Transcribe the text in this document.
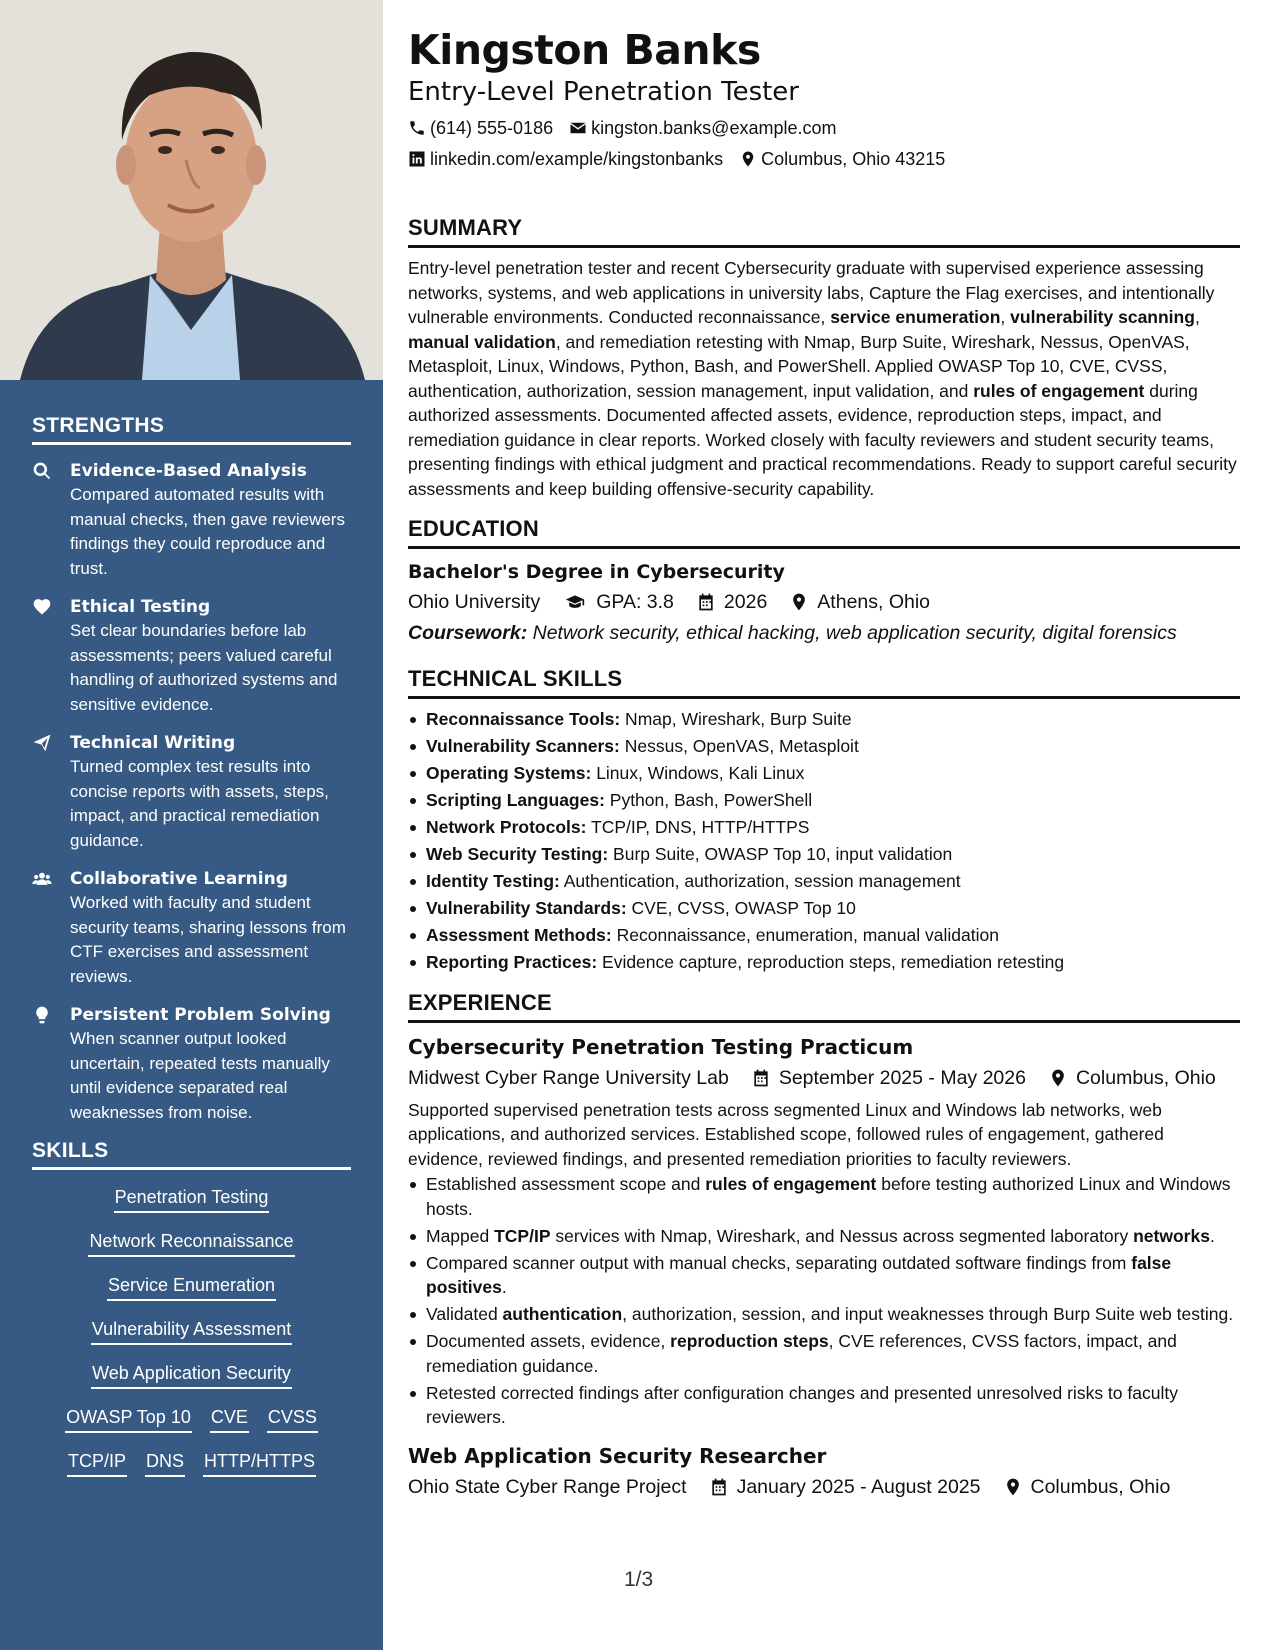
STRENGTHS
Evidence-Based Analysis
Compared automated results with manual checks, then gave reviewers findings they could reproduce and trust.
Ethical Testing
Set clear boundaries before lab assessments; peers valued careful handling of authorized systems and sensitive evidence.
Technical Writing
Turned complex test results into concise reports with assets, steps, impact, and practical remediation guidance.
Collaborative Learning
Worked with faculty and student security teams, sharing lessons from CTF exercises and assessment reviews.
Persistent Problem Solving
When scanner output looked uncertain, repeated tests manually until evidence separated real weaknesses from noise.
SKILLS
Penetration Testing
Network Reconnaissance
Service Enumeration
Vulnerability Assessment
Web Application Security
OWASP Top 10 CVE CVSS
TCP/IP DNS HTTP/HTTPS
Kingston Banks
Entry-Level Penetration Tester
(614) 555-0186 kingston.banks@example.com
linkedin.com/example/kingstonbanks Columbus, Ohio 43215
SUMMARY

Entry-level penetration tester and recent Cybersecurity graduate with supervised experience assessing networks, systems, and web applications in university labs, Capture the Flag exercises, and intentionally vulnerable environments. Conducted reconnaissance, service enumeration, vulnerability scanning, manual validation, and remediation retesting with Nmap, Burp Suite, Wireshark, Nessus, OpenVAS, Metasploit, Linux, Windows, Python, Bash, and PowerShell. Applied OWASP Top 10, CVE, CVSS, authentication, authorization, session management, input validation, and rules of engagement during authorized assessments. Documented affected assets, evidence, reproduction steps, impact, and remediation guidance in clear reports. Worked closely with faculty reviewers and student security teams, presenting findings with ethical judgment and practical recommendations. Ready to support careful security assessments and keep building offensive-security capability.

EDUCATION
Bachelor's Degree in Cybersecurity
Ohio University	GPA: 3.8	2026	Athens, Ohio
Coursework: Network security, ethical hacking, web application security, digital forensics
TECHNICAL SKILLS
Reconnaissance Tools: Nmap, Wireshark, Burp Suite
Vulnerability Scanners: Nessus, OpenVAS, Metasploit
Operating Systems: Linux, Windows, Kali Linux
Scripting Languages: Python, Bash, PowerShell
Network Protocols: TCP/IP, DNS, HTTP/HTTPS
Web Security Testing: Burp Suite, OWASP Top 10, input validation
Identity Testing: Authentication, authorization, session management
Vulnerability Standards: CVE, CVSS, OWASP Top 10
Assessment Methods: Reconnaissance, enumeration, manual validation
Reporting Practices: Evidence capture, reproduction steps, remediation retesting
EXPERIENCE
Cybersecurity Penetration Testing Practicum
Midwest Cyber Range University Lab	September 2025 - May 2026	Columbus, Ohio

Supported supervised penetration tests across segmented Linux and Windows lab networks, web applications, and authorized services. Established scope, followed rules of engagement, gathered evidence, reviewed findings, and presented remediation priorities to faculty reviewers.

Established assessment scope and rules of engagement before testing authorized Linux and Windows hosts.
Mapped TCP/IP services with Nmap, Wireshark, and Nessus across segmented laboratory networks.
Compared scanner output with manual checks, separating outdated software findings from false positives.
Validated authentication, authorization, session, and input weaknesses through Burp Suite web testing.
Documented assets, evidence, reproduction steps, CVE references, CVSS factors, impact, and remediation guidance.
Retested corrected findings after configuration changes and presented unresolved risks to faculty reviewers.
Web Application Security Researcher
Ohio State Cyber Range Project	January 2025 - August 2025	Columbus, Ohio
1/3
